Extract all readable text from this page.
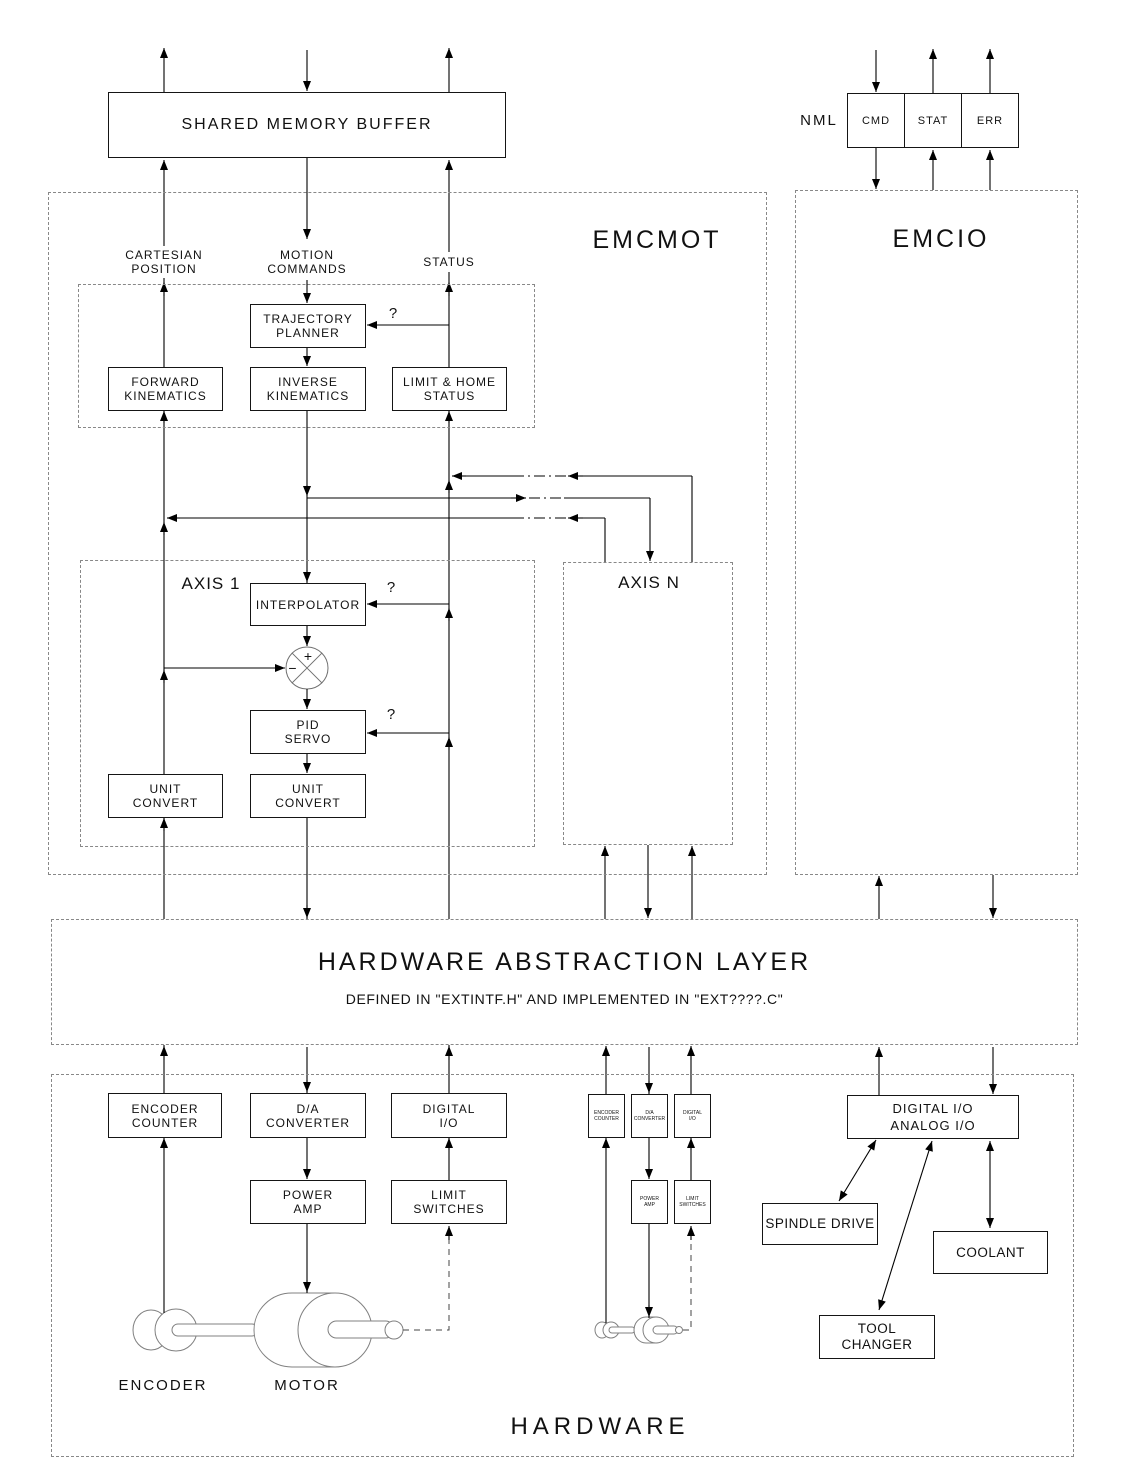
SHARED MEMORY BUFFER	NML	CMD	STAT	ERR
EMCMOT	EMCIO
CARTESIAN
POSITION
MOTION
COMMANDS	STATUS
TRAJECTORY
PLANNER
?
FORWARD
KINEMATICS
INVERSE
KINEMATICS
LIMIT & HOME
STATUS
AXIS 1
INTERPOLATOR
?
+
−
PID
SERVO
?
UNIT
CONVERT
UNIT
CONVERT
AXIS N
HARDWARE ABSTRACTION LAYER
DEFINED IN "EXTINTF.H" AND IMPLEMENTED IN "EXT????.C"
ENCODER
COUNTER
D/A
CONVERTER
DIGITAL
I/O
POWER
AMP
LIMIT
SWITCHES
ENCODER	MOTOR
ENCODER
COUNTER
D/A
CONVERTER
DIGITAL
I/O
POWER
AMP
LIMIT
SWITCHES
DIGITAL I/O
ANALOG I/O
SPINDLE DRIVE
COOLANT
TOOL
CHANGER
HARDWARE
